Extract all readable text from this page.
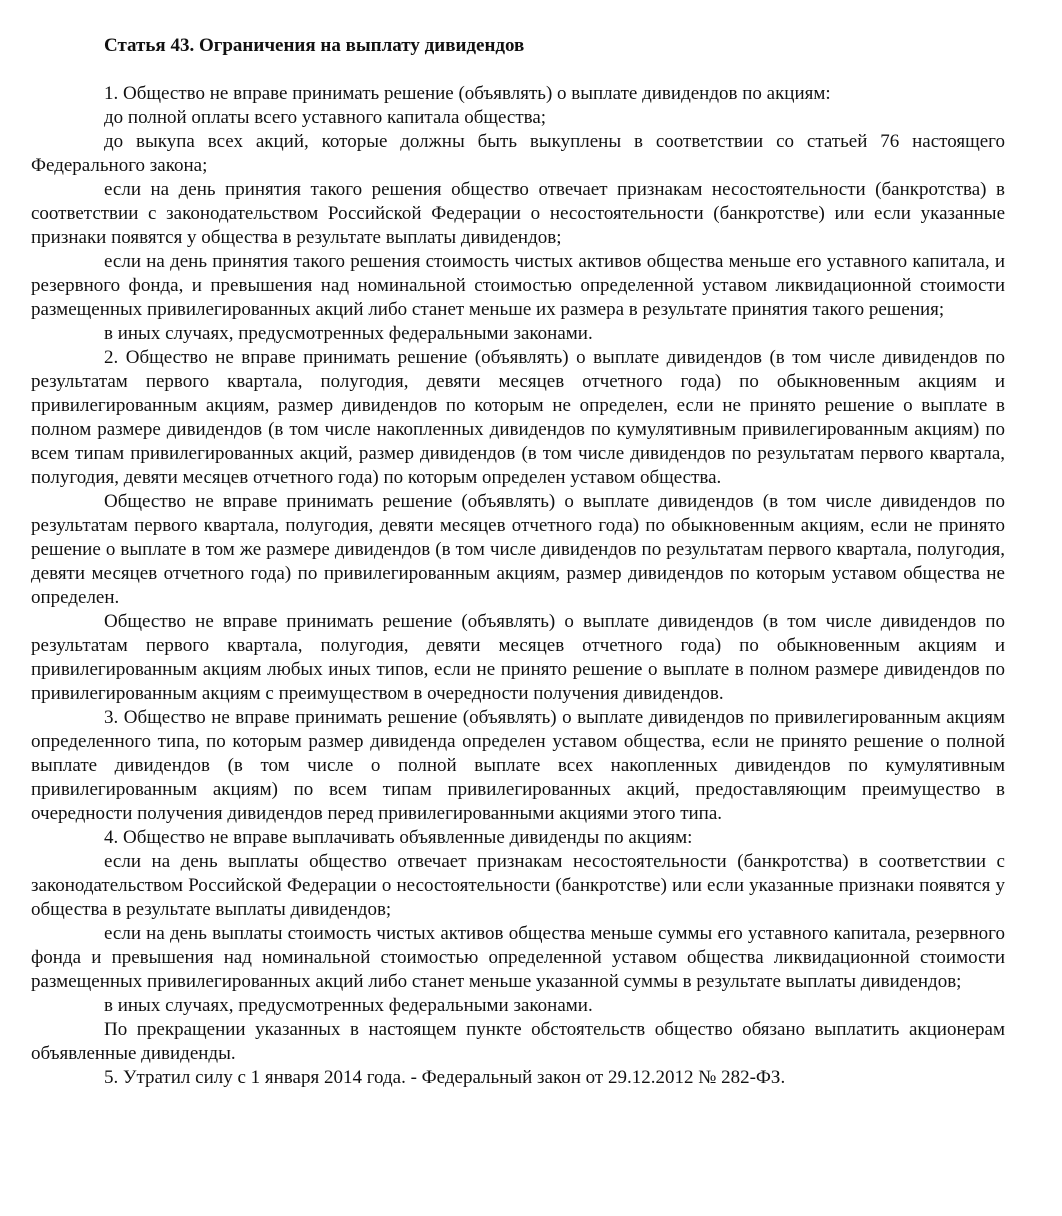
Статья 43. Ограничения на выплату дивидендов

1. Общество не вправе принимать решение (объявлять) о выплате дивидендов по акциям:

до полной оплаты всего уставного капитала общества;

до выкупа всех акций, которые должны быть выкуплены в соответствии со статьей 76 настоящего Федерального закона;

если на день принятия такого решения общество отвечает признакам несостоятельности (банкротства) в соответствии с законодательством Российской Федерации о несостоятельности (банкротстве) или если указанные признаки появятся у общества в результате выплаты дивидендов;

если на день принятия такого решения стоимость чистых активов общества меньше его уставного капитала, и резервного фонда, и превышения над номинальной стоимостью определенной уставом ликвидационной стоимости размещенных привилегированных акций либо станет меньше их размера в результате принятия такого решения;

в иных случаях, предусмотренных федеральными законами.

2. Общество не вправе принимать решение (объявлять) о выплате дивидендов (в том числе дивидендов по результатам первого квартала, полугодия, девяти месяцев отчетного года) по обыкновенным акциям и привилегированным акциям, размер дивидендов по которым не определен, если не принято решение о выплате в полном размере дивидендов (в том числе накопленных дивидендов по кумулятивным привилегированным акциям) по всем типам привилегированных акций, размер дивидендов (в том числе дивидендов по результатам первого квартала, полугодия, девяти месяцев отчетного года) по которым определен уставом общества.

Общество не вправе принимать решение (объявлять) о выплате дивидендов (в том числе дивидендов по результатам первого квартала, полугодия, девяти месяцев отчетного года) по обыкновенным акциям, если не принято решение о выплате в том же размере дивидендов (в том числе дивидендов по результатам первого квартала, полугодия, девяти месяцев отчетного года) по привилегированным акциям, размер дивидендов по которым уставом общества не определен.

Общество не вправе принимать решение (объявлять) о выплате дивидендов (в том числе дивидендов по результатам первого квартала, полугодия, девяти месяцев отчетного года) по обыкновенным акциям и привилегированным акциям любых иных типов, если не принято решение о выплате в полном размере дивидендов по привилегированным акциям с преимуществом в очередности получения дивидендов.

3. Общество не вправе принимать решение (объявлять) о выплате дивидендов по привилегированным акциям определенного типа, по которым размер дивиденда определен уставом общества, если не принято решение о полной выплате дивидендов (в том числе о полной выплате всех накопленных дивидендов по кумулятивным привилегированным акциям) по всем типам привилегированных акций, предоставляющим преимущество в очередности получения дивидендов перед привилегированными акциями этого типа.

4. Общество не вправе выплачивать объявленные дивиденды по акциям:

если на день выплаты общество отвечает признакам несостоятельности (банкротства) в соответствии с законодательством Российской Федерации о несостоятельности (банкротстве) или если указанные признаки появятся у общества в результате выплаты дивидендов;

если на день выплаты стоимость чистых активов общества меньше суммы его уставного капитала, резервного фонда и превышения над номинальной стоимостью определенной уставом общества ликвидационной стоимости размещенных привилегированных акций либо станет меньше указанной суммы в результате выплаты дивидендов;

в иных случаях, предусмотренных федеральными законами.

По прекращении указанных в настоящем пункте обстоятельств общество обязано выплатить акционерам объявленные дивиденды.

5. Утратил силу с 1 января 2014 года. - Федеральный закон от 29.12.2012 № 282-ФЗ.
